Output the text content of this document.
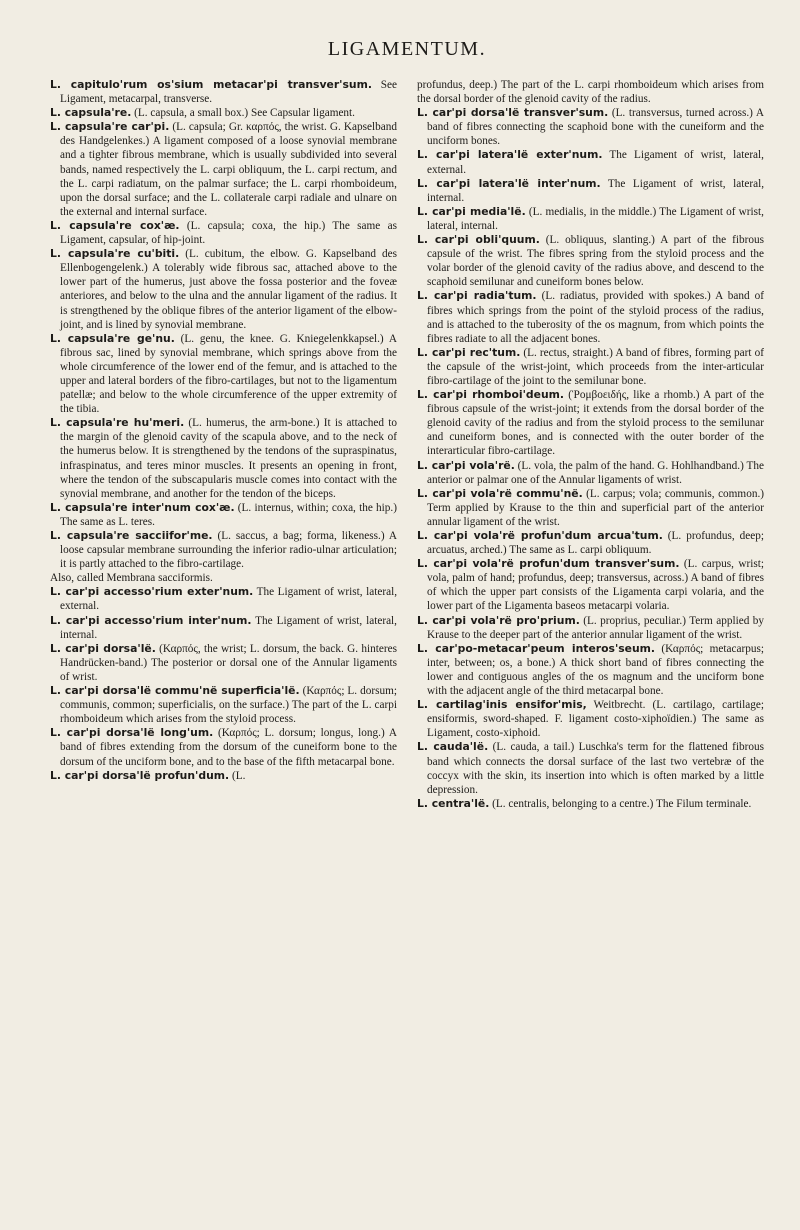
LIGAMENTUM.
L. capitulo'rum os'sium metacar'pi transver'sum. See Ligament, metacarpal, transverse.
L. capsula're. (L. capsula, a small box.) See Capsular ligament.
L. capsula're car'pi. (L. capsula; Gr. καρπός, the wrist. G. Kapselband des Handgelenkes.) A ligament composed of a loose synovial membrane and a tighter fibrous membrane, which is usually subdivided into several bands, named respectively the L. carpi obliquum, the L. carpi rectum, and the L. carpi radiatum, on the palmar surface; the L. carpi rhomboideum, upon the dorsal surface; and the L. collaterale carpi radiale and ulnare on the external and internal surface.
L. capsula're cox'æ. (L. capsula; coxa, the hip.) The same as Ligament, capsular, of hip-joint.
L. capsula're cu'biti. (L. cubitum, the elbow. G. Kapselband des Ellenbogengelenk.) A tolerably wide fibrous sac, attached above to the lower part of the humerus, just above the fossa posterior and the foveæ anteriores, and below to the ulna and the annular ligament of the radius. It is strengthened by the oblique fibres of the anterior ligament of the elbow-joint, and is lined by synovial membrane.
L. capsula're ge'nu. (L. genu, the knee. G. Kniegelenkkapsel.) A fibrous sac, lined by synovial membrane, which springs above from the whole circumference of the lower end of the femur, and is attached to the upper and lateral borders of the fibro-cartilages, but not to the ligamentum patellæ; and below to the whole circumference of the upper extremity of the tibia.
L. capsula're hu'meri. (L. humerus, the arm-bone.) It is attached to the margin of the glenoid cavity of the scapula above, and to the neck of the humerus below. It is strengthened by the tendons of the supraspinatus, infraspinatus, and teres minor muscles. It presents an opening in front, where the tendon of the subscapularis muscle comes into contact with the synovial membrane, and another for the tendon of the biceps.
L. capsula're inter'num cox'æ. (L. internus, within; coxa, the hip.) The same as L. teres.
L. capsula're sacciifor'me. (L. saccus, a bag; forma, likeness.) A loose capsular membrane surrounding the inferior radio-ulnar articulation; it is partly attached to the fibro-cartilage.
Also, called Membrana sacciformis.
L. car'pi accesso'rium exter'num. The Ligament of wrist, lateral, external.
L. car'pi accesso'rium inter'num. The Ligament of wrist, lateral, internal.
L. car'pi dorsa'lë. (Καρπός, the wrist; L. dorsum, the back. G. hinteres Handrücken-band.) The posterior or dorsal one of the Annular ligaments of wrist.
L. car'pi dorsa'lë commu'në superficia'lë. (Καρπός; L. dorsum; communis, common; superficialis, on the surface.) The part of the L. carpi rhomboideum which arises from the styloid process.
L. car'pi dorsa'lë long'um. (Καρπός; L. dorsum; longus, long.) A band of fibres extending from the dorsum of the cuneiform bone to the dorsum of the unciform bone, and to the base of the fifth metacarpal bone.
L. car'pi dorsa'lë profun'dum. (L.
profundus, deep.) The part of the L. carpi rhomboideum which arises from the dorsal border of the glenoid cavity of the radius.
L. car'pi dorsa'lë transver'sum. (L. transversus, turned across.) A band of fibres connecting the scaphoid bone with the cuneiform and the unciform bones.
L. car'pi latera'lë exter'num. The Ligament of wrist, lateral, external.
L. car'pi latera'lë inter'num. The Ligament of wrist, lateral, internal.
L. car'pi media'lë. (L. medialis, in the middle.) The Ligament of wrist, lateral, internal.
L. car'pi obli'quum. (L. obliquus, slanting.) A part of the fibrous capsule of the wrist. The fibres spring from the styloid process and the volar border of the glenoid cavity of the radius above, and descend to the scaphoid semilunar and cuneiform bones below.
L. car'pi radia'tum. (L. radiatus, provided with spokes.) A band of fibres which springs from the point of the styloid process of the radius, and is attached to the tuberosity of the os magnum, from which points the fibres radiate to all the adjacent bones.
L. car'pi rec'tum. (L. rectus, straight.) A band of fibres, forming part of the capsule of the wrist-joint, which proceeds from the inter-articular fibro-cartilage of the joint to the semilunar bone.
L. car'pi rhomboi'deum. (Ῥομβοειδής, like a rhomb.) A part of the fibrous capsule of the wrist-joint; it extends from the dorsal border of the glenoid cavity of the radius and from the styloid process to the semilunar and cuneiform bones, and is connected with the outer border of the interarticular fibro-cartilage.
L. car'pi vola'rë. (L. vola, the palm of the hand. G. Hohlhandband.) The anterior or palmar one of the Annular ligaments of wrist.
L. car'pi vola'rë commu'në. (L. carpus; vola; communis, common.) Term applied by Krause to the thin and superficial part of the anterior annular ligament of the wrist.
L. car'pi vola'rë profun'dum arcua'tum. (L. profundus, deep; arcuatus, arched.) The same as L. carpi obliquum.
L. car'pi vola'rë profun'dum transver'sum. (L. carpus, wrist; vola, palm of hand; profundus, deep; transversus, across.) A band of fibres of which the upper part consists of the Ligamenta carpi volaria, and the lower part of the Ligamenta baseos metacarpi volaria.
L. car'pi vola'rë pro'prium. (L. proprius, peculiar.) Term applied by Krause to the deeper part of the anterior annular ligament of the wrist.
L. car'po-metacar'peum interos'seum. (Καρπός; metacarpus; inter, between; os, a bone.) A thick short band of fibres connecting the lower and contiguous angles of the os magnum and the unciform bone with the adjacent angle of the third metacarpal bone.
L. cartilag'inis ensifor'mis, Weitbrecht. (L. cartilago, cartilage; ensiformis, sword-shaped. F. ligament costo-xiphoïdien.) The same as Ligament, costo-xiphoid.
L. cauda'lë. (L. cauda, a tail.) Luschka's term for the flattened fibrous band which connects the dorsal surface of the last two vertebræ of the coccyx with the skin, its insertion into which is often marked by a little depression.
L. centra'lë. (L. centralis, belonging to a centre.) The Filum terminale.
